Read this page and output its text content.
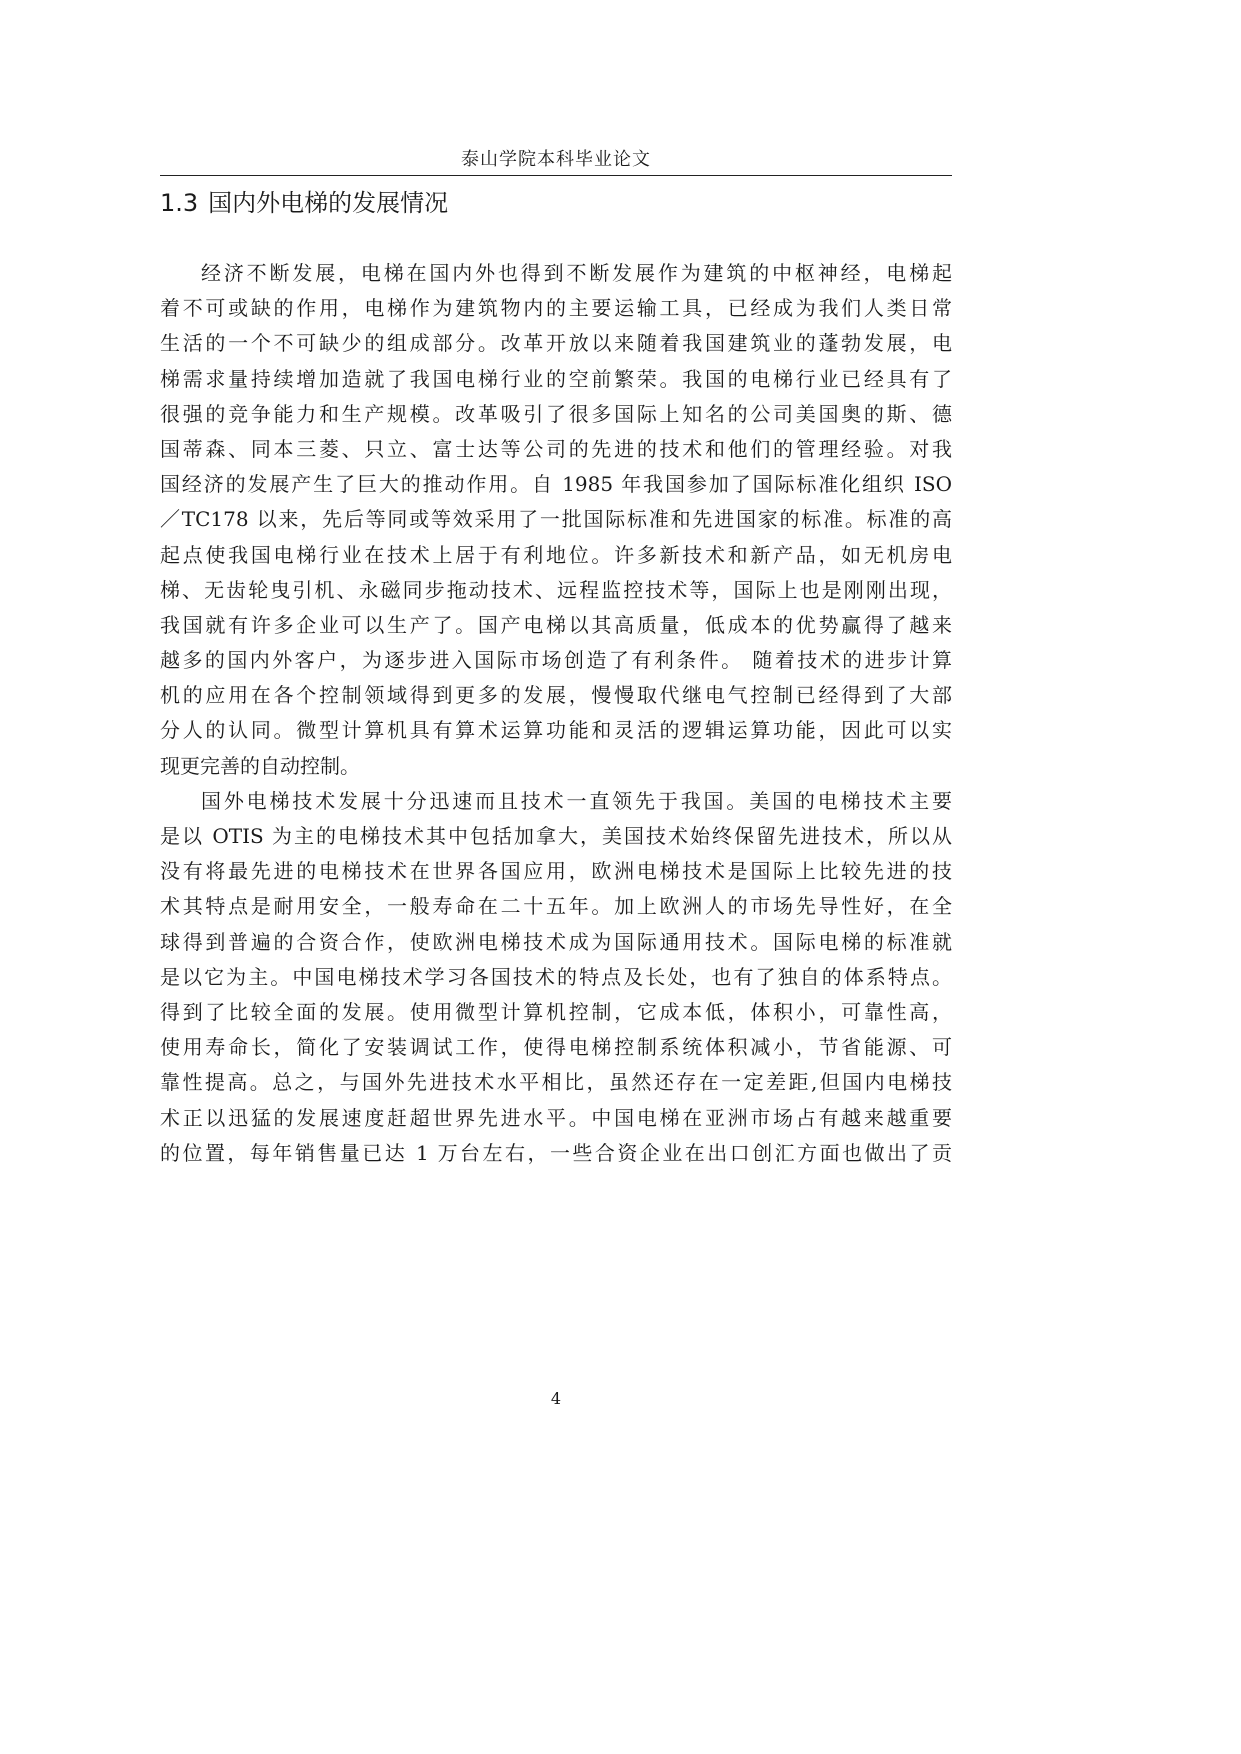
泰山学院本科毕业论文
1.3 国内外电梯的发展情况
经济不断发展，电梯在国内外也得到不断发展作为建筑的中枢神经，电梯起
着不可或缺的作用，电梯作为建筑物内的主要运输工具，已经成为我们人类日常
生活的一个不可缺少的组成部分。改革开放以来随着我国建筑业的蓬勃发展，电
梯需求量持续增加造就了我国电梯行业的空前繁荣。我国的电梯行业已经具有了
很强的竞争能力和生产规模。改革吸引了很多国际上知名的公司美国奥的斯、德
国蒂森、同本三菱、只立、富士达等公司的先进的技术和他们的管理经验。对我
国经济的发展产生了巨大的推动作用。自 1985 年我国参加了国际标准化组织 ISO
／TC178 以来，先后等同或等效采用了一批国际标准和先进国家的标准。标准的高
起点使我国电梯行业在技术上居于有利地位。许多新技术和新产品，如无机房电
梯、无齿轮曳引机、永磁同步拖动技术、远程监控技术等，国际上也是刚刚出现，
我国就有许多企业可以生产了。国产电梯以其高质量，低成本的优势赢得了越来
越多的国内外客户，为逐步进入国际市场创造了有利条件。 随着技术的进步计算
机的应用在各个控制领域得到更多的发展，慢慢取代继电气控制已经得到了大部
分人的认同。微型计算机具有算术运算功能和灵活的逻辑运算功能，因此可以实
现更完善的自动控制。
国外电梯技术发展十分迅速而且技术一直领先于我国。美国的电梯技术主要
是以 OTIS 为主的电梯技术其中包括加拿大，美国技术始终保留先进技术，所以从
没有将最先进的电梯技术在世界各国应用，欧洲电梯技术是国际上比较先进的技
术其特点是耐用安全，一般寿命在二十五年。加上欧洲人的市场先导性好，在全
球得到普遍的合资合作，使欧洲电梯技术成为国际通用技术。国际电梯的标准就
是以它为主。中国电梯技术学习各国技术的特点及长处，也有了独自的体系特点。
得到了比较全面的发展。使用微型计算机控制，它成本低，体积小，可靠性高，
使用寿命长，简化了安装调试工作，使得电梯控制系统体积减小，节省能源、可
靠性提高。总之，与国外先进技术水平相比，虽然还存在一定差距,但国内电梯技
术正以迅猛的发展速度赶超世界先进水平。中国电梯在亚洲市场占有越来越重要
的位置，每年销售量已达 1 万台左右，一些合资企业在出口创汇方面也做出了贡
4
